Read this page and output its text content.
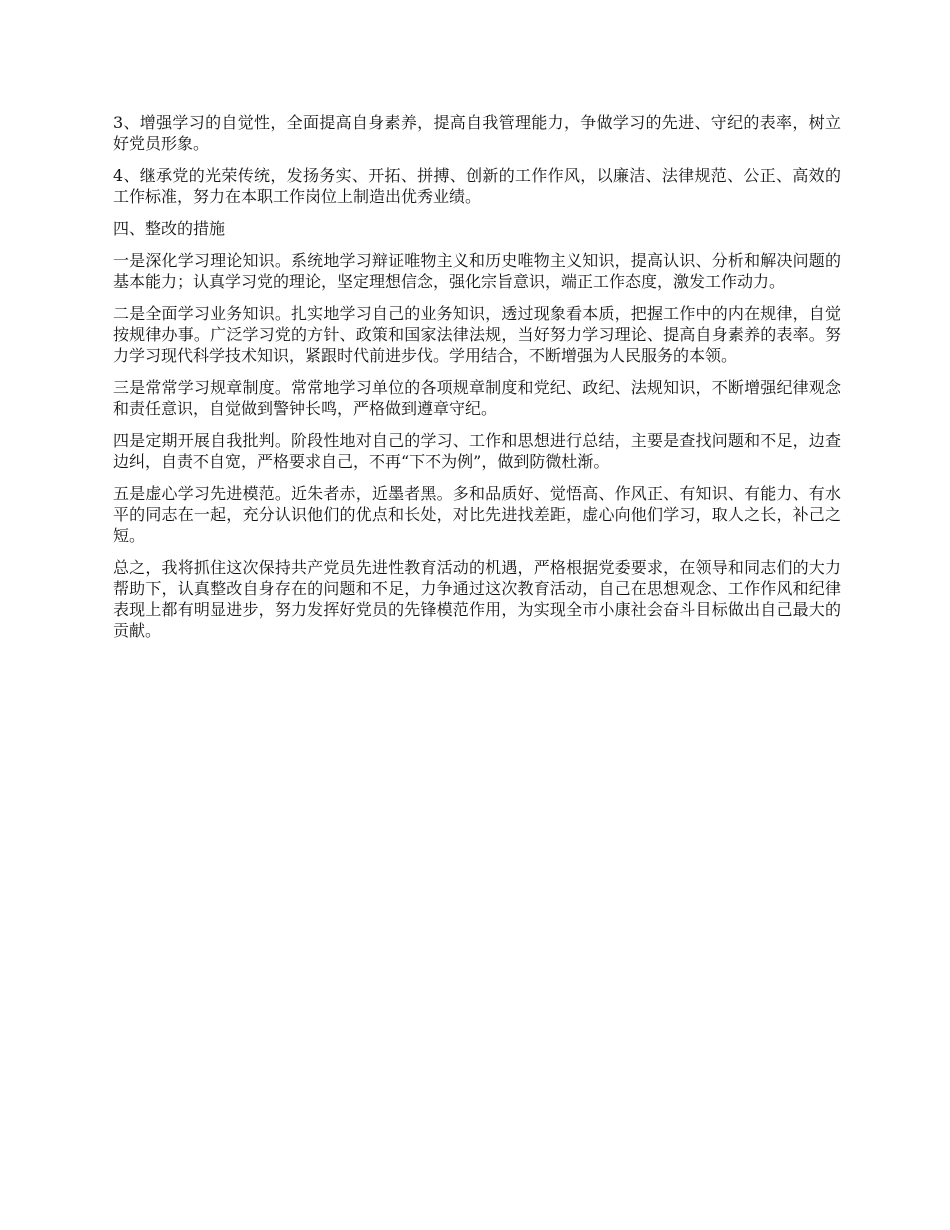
3、增强学习的自觉性，全面提高自身素养，提高自我管理能力，争做学习的先进、守纪的表率，树立好党员形象。

4、继承党的光荣传统，发扬务实、开拓、拼搏、创新的工作作风，以廉洁、法律规范、公正、高效的工作标准，努力在本职工作岗位上制造出优秀业绩。

四、整改的措施

一是深化学习理论知识。系统地学习辩证唯物主义和历史唯物主义知识，提高认识、分析和解决问题的基本能力；认真学习党的理论，坚定理想信念，强化宗旨意识，端正工作态度，激发工作动力。

二是全面学习业务知识。扎实地学习自己的业务知识，透过现象看本质，把握工作中的内在规律，自觉按规律办事。广泛学习党的方针、政策和国家法律法规，当好努力学习理论、提高自身素养的表率。努力学习现代科学技术知识，紧跟时代前进步伐。学用结合，不断增强为人民服务的本领。

三是常常学习规章制度。常常地学习单位的各项规章制度和党纪、政纪、法规知识，不断增强纪律观念和责任意识，自觉做到警钟长鸣，严格做到遵章守纪。

四是定期开展自我批判。阶段性地对自己的学习、工作和思想进行总结，主要是查找问题和不足，边查边纠，自责不自宽，严格要求自己，不再“下不为例”，做到防微杜渐。

五是虚心学习先进模范。近朱者赤，近墨者黑。多和品质好、觉悟高、作风正、有知识、有能力、有水平的同志在一起，充分认识他们的优点和长处，对比先进找差距，虚心向他们学习，取人之长，补己之短。

总之，我将抓住这次保持共产党员先进性教育活动的机遇，严格根据党委要求，在领导和同志们的大力帮助下，认真整改自身存在的问题和不足，力争通过这次教育活动，自己在思想观念、工作作风和纪律表现上都有明显进步，努力发挥好党员的先锋模范作用，为实现全市小康社会奋斗目标做出自己最大的贡献。
